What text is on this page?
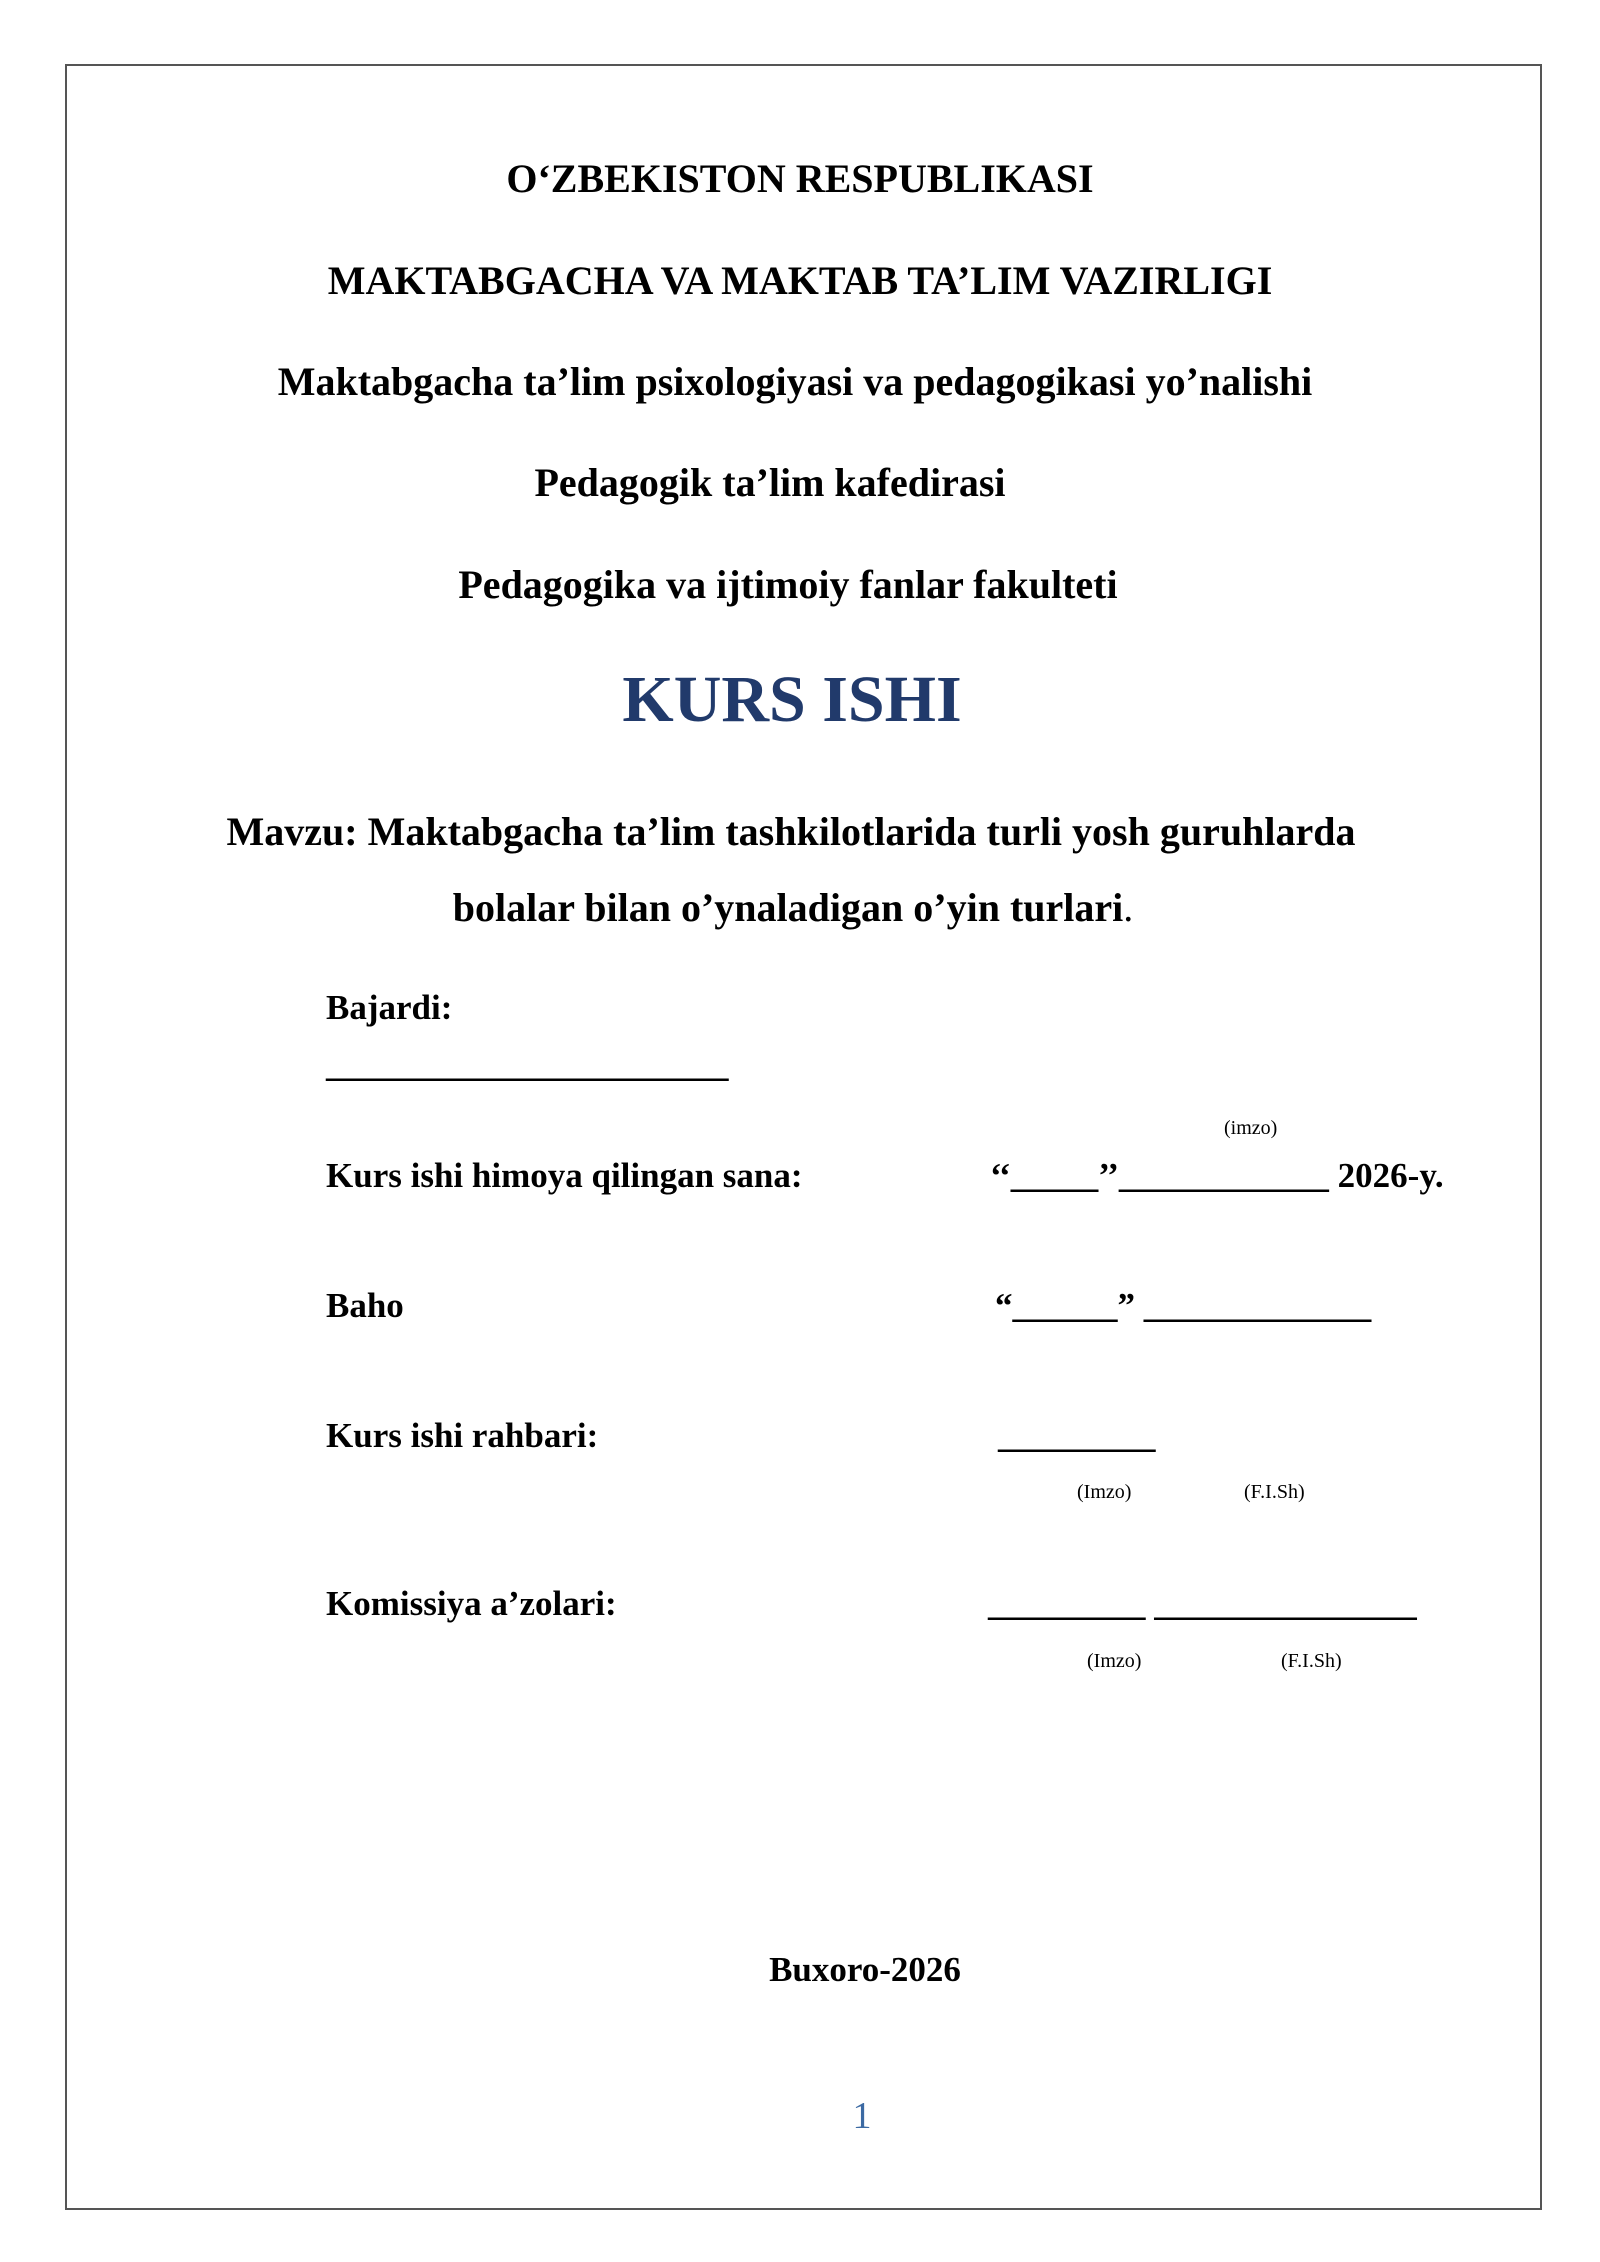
O‘ZBEKISTON RESPUBLIKASI
MAKTABGACHA VA MAKTAB TA’LIM VAZIRLIGI
Maktabgacha ta’lim psixologiyasi va pedagogikasi yo’nalishi
Pedagogik ta’lim kafedirasi
Pedagogika va ijtimoiy fanlar fakulteti
KURS ISHI
Mavzu: Maktabgacha ta’lim tashkilotlarida turli yosh guruhlarda
bolalar bilan o’ynaladigan o’yin turlari.
Bajardi:
_______________________
(imzo)
Kurs ishi himoya qilingan sana:	‘‘_____’’____________ 2026-y.
Baho	“______” _____________
Kurs ishi rahbari:	_________
(Imzo)	(F.I.Sh)
Komissiya a’zolari:	_________ _______________
(Imzo)	(F.I.Sh)
Buxoro-2026
1
